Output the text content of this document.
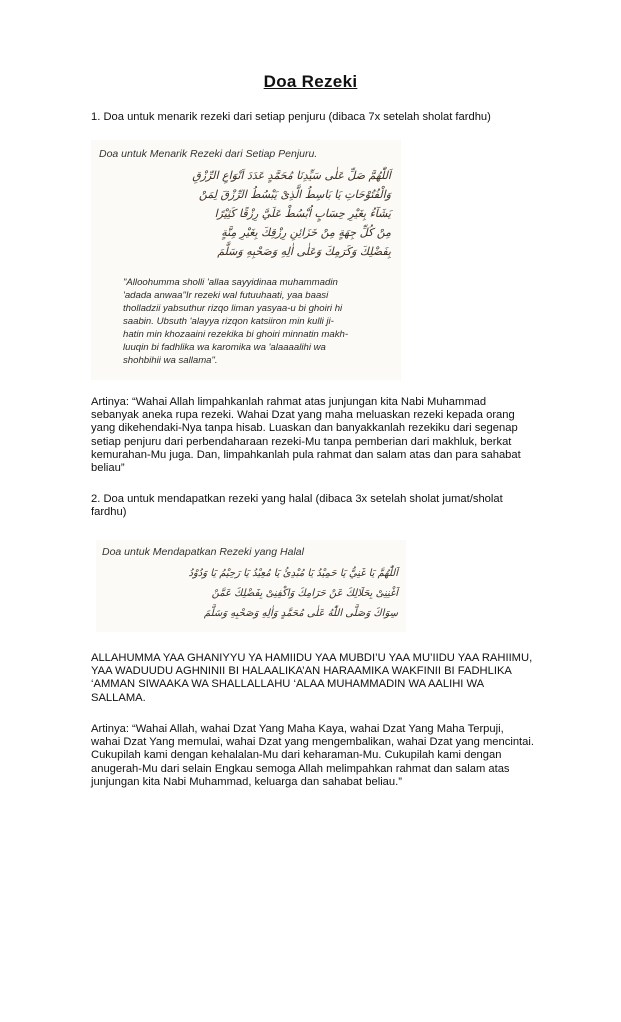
Doa Rezeki
1. Doa untuk menarik rezeki dari setiap penjuru (dibaca 7x setelah sholat fardhu)
Doa untuk Menarik Rezeki dari Setiap Penjuru.
اَللّٰهُمَّ صَلِّ عَلٰى سَيِّدِنَا مُحَمَّدٍ عَدَدَ اَنْوَاعِ الرِّزْقِ
وَالْفُتُوْحَاتِ يَا بَاسِطُ الَّذِىْ يَبْسُطُ الرِّزْقَ لِمَنْ
يَشَآءُ بِغَيْرِ حِسَابٍ اُبْسُطْ عَلَيَّ رِزْقًا كَثِيْرًا
مِنْ كُلِّ جِهَةٍ مِنْ خَزَائِنِ رِزْقِكَ بِغَيْرِ مِنَّةٍ
بِفَضْلِكَ وَكَرَمِكَ وَعَلٰى اٰلِهِ وَصَحْبِهِ وَسَلَّمَ
"Alloohumma sholli 'allaa sayyidinaa muhammadin
'adada anwaa"Ir rezeki wal futuuhaati, yaa baasi
tholladzii yabsuthur rizqo liman yasyaa-u bi ghoiri hi
saabin. Ubsuth 'alayya rizqon katsiiron min kulli ji-
hatin min khozaaini rezekika bi ghoiri minnatin makh-
luuqin bi fadhlika wa karomika wa 'alaaaalihi wa
shohbihii wa sallama".
Artinya: “Wahai Allah limpahkanlah rahmat atas junjungan kita Nabi Muhammad sebanyak aneka rupa rezeki. Wahai Dzat yang maha meluaskan rezeki kepada orang yang dikehendaki-Nya tanpa hisab. Luaskan dan banyakkanlah rezekiku dari segenap setiap penjuru dari perbendaharaan rezeki-Mu tanpa pemberian dari makhluk, berkat kemurahan-Mu juga. Dan, limpahkanlah pula rahmat dan salam atas dan para sahabat beliau”
2. Doa untuk mendapatkan rezeki yang halal (dibaca 3x setelah sholat jumat/sholat fardhu)
Doa untuk Mendapatkan Rezeki yang Halal
اَللّٰهُمَّ يَا غَنِيُّ يَا حَمِيْدُ يَا مُبْدِئُ يَا مُعِيْدُ يَا رَحِيْمُ يَا وَدُوْدُ
اَغْنِنِىْ بِحَلَالِكَ عَنْ حَرَامِكَ وَاكْفِنِىْ بِفَضْلِكَ عَمَّنْ
سِوَاكَ وَصَلَّى اللّٰهُ عَلٰى مُحَمَّدٍ وَاٰلِهِ وَصَحْبِهِ وَسَلَّمَ
ALLAHUMMA YAA GHANIYYU YA HAMIIDU YAA MUBDI’U YAA MU’IIDU YAA RAHIIMU, YAA WADUUDU AGHNINII BI HALAALIKA’AN HARAAMIKA WAKFINII BI FADHLIKA ‘AMMAN SIWAAKA WA SHALLALLAHU ‘ALAA MUHAMMADIN WA AALIHI WA SALLAMA.
Artinya: “Wahai Allah, wahai Dzat Yang Maha Kaya, wahai Dzat Yang Maha Terpuji, wahai Dzat Yang memulai, wahai Dzat yang mengembalikan, wahai Dzat yang mencintai. Cukupilah kami dengan kehalalan-Mu dari keharaman-Mu. Cukupilah kami dengan anugerah-Mu dari selain Engkau semoga Allah melimpahkan rahmat dan salam atas junjungan kita Nabi Muhammad, keluarga dan sahabat beliau.”
